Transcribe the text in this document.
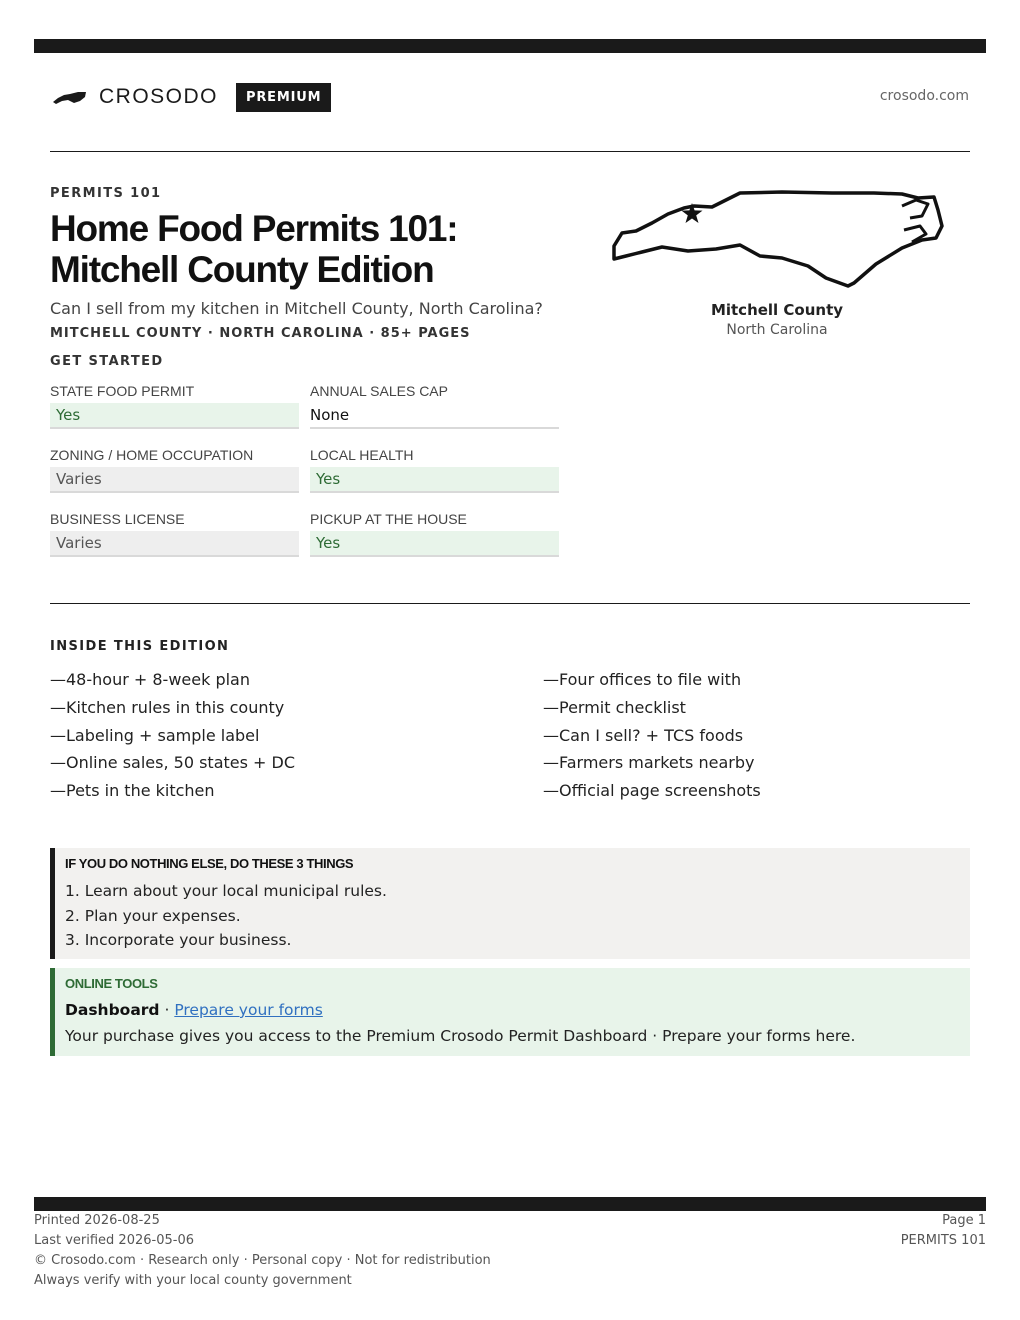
CROSODO	PREMIUM	crosodo.com
PERMITS 101
Home Food Permits 101: Mitchell County Edition
Can I sell from my kitchen in Mitchell County, North Carolina?
MITCHELL COUNTY · NORTH CAROLINA · 85+ PAGES
GET STARTED
STATE FOOD PERMIT
Yes
ANNUAL SALES CAP
None
ZONING / HOME OCCUPATION
Varies
LOCAL HEALTH
Yes
BUSINESS LICENSE
Varies
PICKUP AT THE HOUSE
Yes
Mitchell County
North Carolina
INSIDE THIS EDITION
—48-hour + 8-week plan
—Kitchen rules in this county
—Labeling + sample label
—Online sales, 50 states + DC
—Pets in the kitchen
—Four offices to file with
—Permit checklist
—Can I sell? + TCS foods
—Farmers markets nearby
—Official page screenshots
IF YOU DO NOTHING ELSE, DO THESE 3 THINGS
1. Learn about your local municipal rules.
2. Plan your expenses.
3. Incorporate your business.
ONLINE TOOLS
Dashboard · Prepare your forms
Your purchase gives you access to the Premium Crosodo Permit Dashboard · Prepare your forms here.
Printed 2026-08-25
Last verified 2026-05-06
© Crosodo.com · Research only · Personal copy · Not for redistribution
Always verify with your local county government
Page 1
PERMITS 101
